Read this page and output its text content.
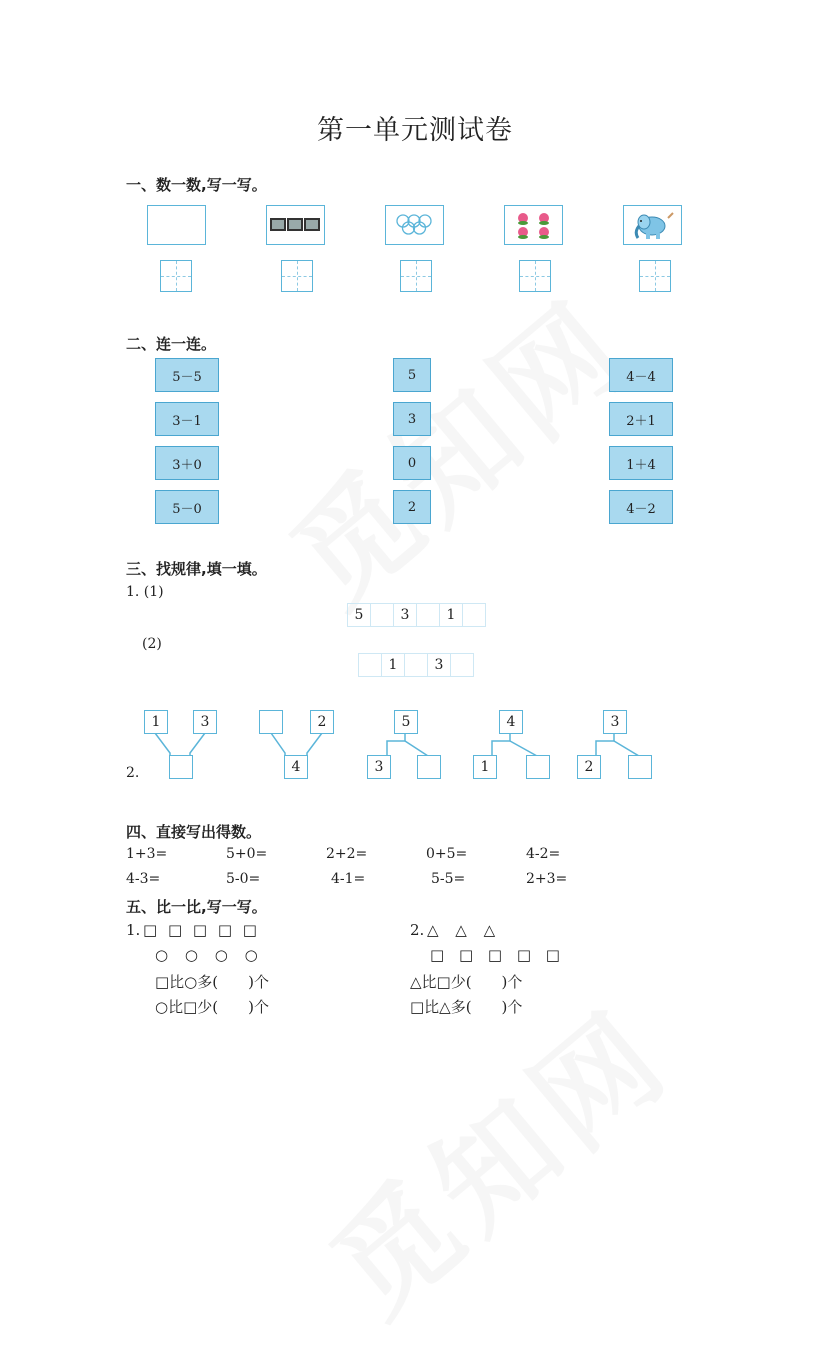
第一单元测试卷
一、数一数,写一写。
二、连一连。
5－5
3－1
3＋0
5－0
5
3
0
2
4－4
2＋1
1＋4
4－2
三、找规律,填一填。
1. (1)
5	3	1
(2)
1	3
1	3	2
4
5
3
4
1
3
2
2.
四、直接写出得数。
1+3=	5+0=	2+2=	0+5=	4-2=
4-3=	5-0=	4-1=	5-5=	2+3=
五、比一比,写一写。
1. □ □ □ □ □
○ ○ ○ ○
□比○多(　　)个
○比□少(　　)个
2. △ △ △
□ □ □ □ □
△比□少(　　)个
□比△多(　　)个
